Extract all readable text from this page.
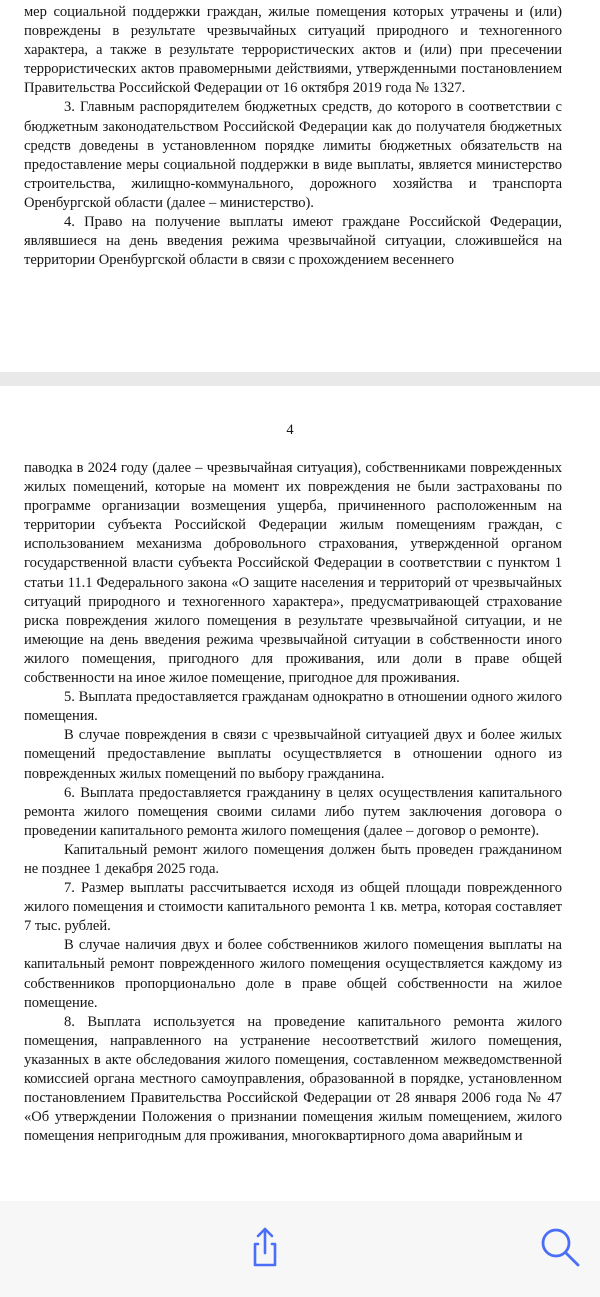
мер социальной поддержки граждан, жилые помещения которых утрачены и (или) повреждены в результате чрезвычайных ситуаций природного и техногенного характера, а также в результате террористических актов и (или) при пресечении террористических актов правомерными действиями, утвержденными постановлением Правительства Российской Федерации от 16 октября 2019 года № 1327.

3. Главным распорядителем бюджетных средств, до которого в соответствии с бюджетным законодательством Российской Федерации как до получателя бюджетных средств доведены в установленном порядке лимиты бюджетных обязательств на предоставление меры социальной поддержки в виде выплаты, является министерство строительства, жилищно-коммунального, дорожного хозяйства и транспорта Оренбургской области (далее – министерство).

4. Право на получение выплаты имеют граждане Российской Федерации, являвшиеся на день введения режима чрезвычайной ситуации, сложившейся на территории Оренбургской области в связи с прохождением весеннего

4

паводка в 2024 году (далее – чрезвычайная ситуация), собственниками поврежденных жилых помещений, которые на момент их повреждения не были застрахованы по программе организации возмещения ущерба, причиненного расположенным на территории субъекта Российской Федерации жилым помещениям граждан, с использованием механизма добровольного страхования, утвержденной органом государственной власти субъекта Российской Федерации в соответствии с пунктом 1 статьи 11.1 Федерального закона «О защите населения и территорий от чрезвычайных ситуаций природного и техногенного характера», предусматривающей страхование риска повреждения жилого помещения в результате чрезвычайной ситуации, и не имеющие на день введения режима чрезвычайной ситуации в собственности иного жилого помещения, пригодного для проживания, или доли в праве общей собственности на иное жилое помещение, пригодное для проживания.

5. Выплата предоставляется гражданам однократно в отношении одного жилого помещения.

В случае повреждения в связи с чрезвычайной ситуацией двух и более жилых помещений предоставление выплаты осуществляется в отношении одного из поврежденных жилых помещений по выбору гражданина.

6. Выплата предоставляется гражданину в целях осуществления капитального ремонта жилого помещения своими силами либо путем заключения договора о проведении капитального ремонта жилого помещения (далее – договор о ремонте).

Капитальный ремонт жилого помещения должен быть проведен гражданином не позднее 1 декабря 2025 года.

7. Размер выплаты рассчитывается исходя из общей площади поврежденного жилого помещения и стоимости капитального ремонта 1 кв. метра, которая составляет 7 тыс. рублей.

В случае наличия двух и более собственников жилого помещения выплаты на капитальный ремонт поврежденного жилого помещения осуществляется каждому из собственников пропорционально доле в праве общей собственности на жилое помещение.

8. Выплата используется на проведение капитального ремонта жилого помещения, направленного на устранение несоответствий жилого помещения, указанных в акте обследования жилого помещения, составленном межведомственной комиссией органа местного самоуправления, образованной в порядке, установленном постановлением Правительства Российской Федерации от 28 января 2006 года № 47 «Об утверждении Положения о признании помещения жилым помещением, жилого помещения непригодным для проживания, многоквартирного дома аварийным и
